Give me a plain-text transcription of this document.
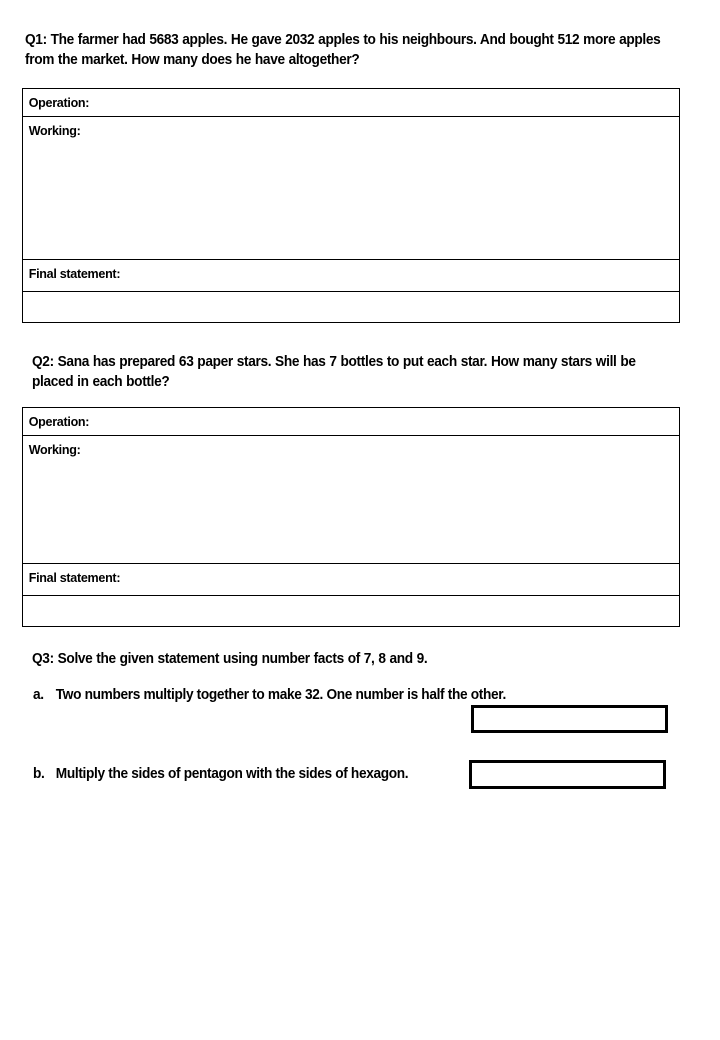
Q1: The farmer had 5683 apples. He gave 2032 apples to his neighbours. And bought 512 more apples from the market. How many does he have altogether?
Operation:

Working:

Final statement:

Q2: Sana has prepared 63 paper stars. She has 7 bottles to put each star. How many stars will be placed in each bottle?
Operation:

Working:

Final statement:

Q3: Solve the given statement using number facts of 7, 8 and 9.
a. Two numbers multiply together to make 32. One number is half the other.
b. Multiply the sides of pentagon with the sides of hexagon.
